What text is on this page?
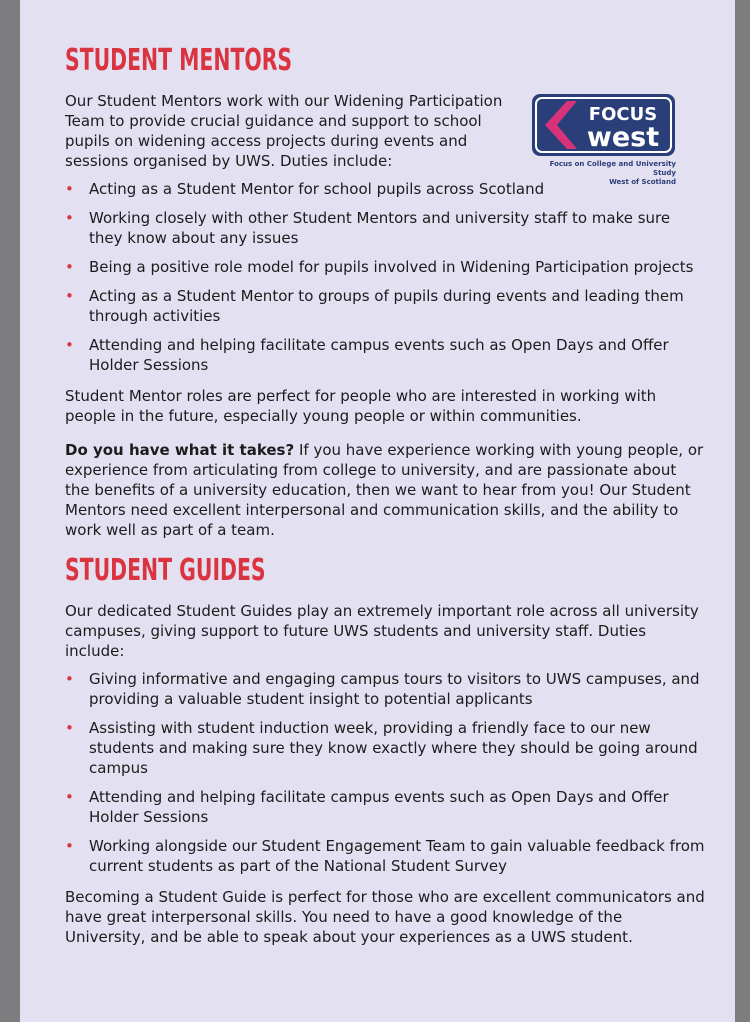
STUDENT MENTORS

Our Student Mentors work with our Widening Participation Team to provide crucial guidance and support to school pupils on widening access projects during events and sessions organised by UWS. Duties include:

FOCUS
west
Focus on College and University Study
West of Scotland
• Acting as a Student Mentor for school pupils across Scotland
• Working closely with other Student Mentors and university staff to make sure they know about any issues
• Being a positive role model for pupils involved in Widening Participation projects
• Acting as a Student Mentor to groups of pupils during events and leading them through activities
• Attending and helping facilitate campus events such as Open Days and Offer Holder Sessions

Student Mentor roles are perfect for people who are interested in working with people in the future, especially young people or within communities.

Do you have what it takes? If you have experience working with young people, or experience from articulating from college to university, and are passionate about the benefits of a university education, then we want to hear from you! Our Student Mentors need excellent interpersonal and communication skills, and the ability to work well as part of a team.

STUDENT GUIDES

Our dedicated Student Guides play an extremely important role across all university campuses, giving support to future UWS students and university staff. Duties include:

• Giving informative and engaging campus tours to visitors to UWS campuses, and providing a valuable student insight to potential applicants
• Assisting with student induction week, providing a friendly face to our new students and making sure they know exactly where they should be going around campus
• Attending and helping facilitate campus events such as Open Days and Offer Holder Sessions
• Working alongside our Student Engagement Team to gain valuable feedback from current students as part of the National Student Survey

Becoming a Student Guide is perfect for those who are excellent communicators and have great interpersonal skills. You need to have a good knowledge of the University, and be able to speak about your experiences as a UWS student.
